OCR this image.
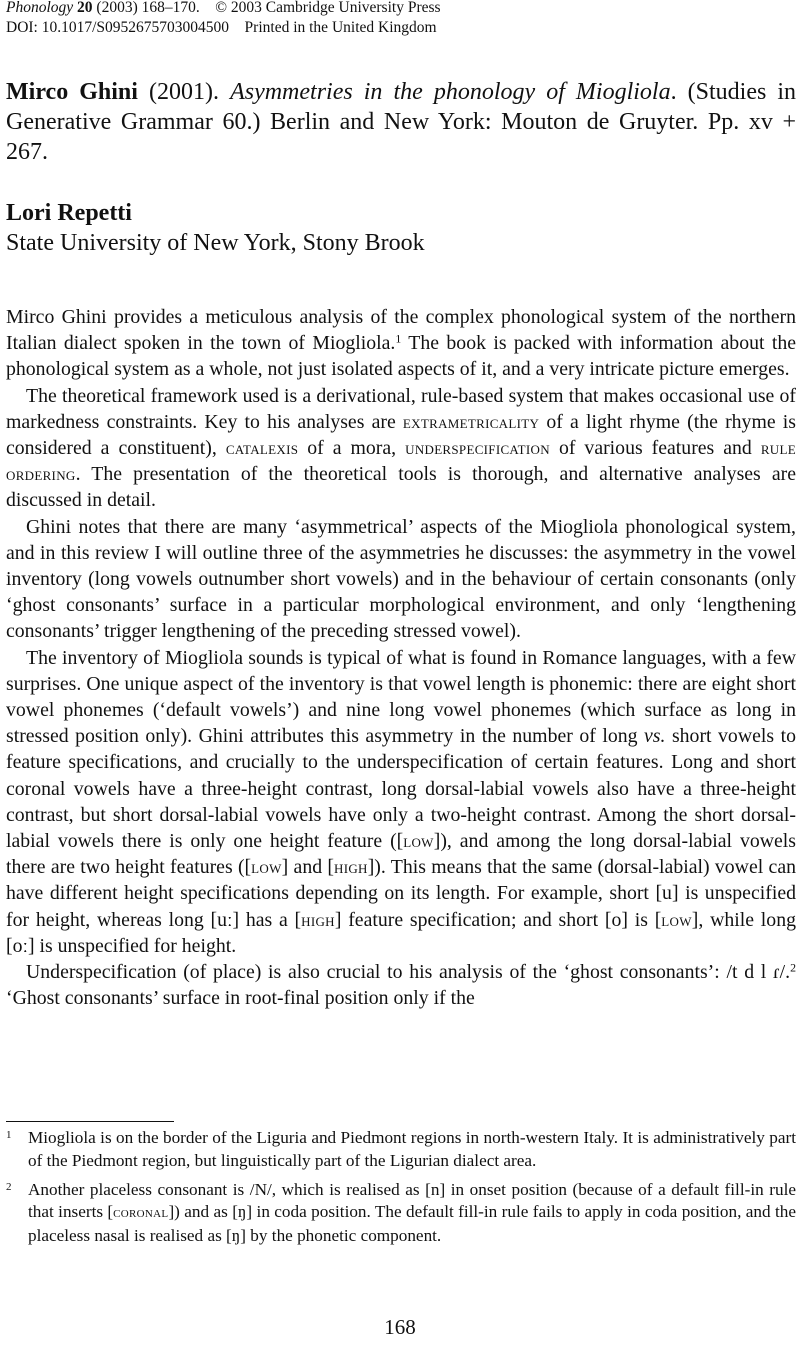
Phonology 20 (2003) 168–170. © 2003 Cambridge University Press
DOI: 10.1017/S0952675703004500 Printed in the United Kingdom
Mirco Ghini (2001). Asymmetries in the phonology of Miogliola. (Studies in Generative Grammar 60.) Berlin and New York: Mouton de Gruyter. Pp. xv + 267.
Lori Repetti
State University of New York, Stony Brook

Mirco Ghini provides a meticulous analysis of the complex phonological system of the northern Italian dialect spoken in the town of Miogliola.$^1$ The book is packed with information about the phonological system as a whole, not just isolated aspects of it, and a very intricate picture emerges.

The theoretical framework used is a derivational, rule-based system that makes occasional use of markedness constraints. Key to his analyses are extrametricality of a light rhyme (the rhyme is considered a constituent), catalexis of a mora, underspecification of various features and rule ordering. The presentation of the theoretical tools is thorough, and alternative analyses are discussed in detail.

Ghini notes that there are many ‘asymmetrical’ aspects of the Miogliola phonological system, and in this review I will outline three of the asymmetries he discusses: the asymmetry in the vowel inventory (long vowels outnumber short vowels) and in the behaviour of certain consonants (only ‘ghost consonants’ surface in a particular morphological environment, and only ‘lengthening consonants’ trigger lengthening of the preceding stressed vowel).

The inventory of Miogliola sounds is typical of what is found in Romance languages, with a few surprises. One unique aspect of the inventory is that vowel length is phonemic: there are eight short vowel phonemes (‘default vowels’) and nine long vowel phonemes (which surface as long in stressed position only). Ghini attributes this asymmetry in the number of long vs. short vowels to feature specifications, and crucially to the underspecification of certain features. Long and short coronal vowels have a three-height contrast, long dorsal-labial vowels also have a three-height contrast, but short dorsal-labial vowels have only a two-height contrast. Among the short dorsal-labial vowels there is only one height feature ([low]), and among the long dorsal-labial vowels there are two height features ([low] and [high]). This means that the same (dorsal-labial) vowel can have different height specifications depending on its length. For example, short [u] is unspecified for height, whereas long [uː] has a [high] feature specification; and short [o] is [low], while long [oː] is unspecified for height.

Underspecification (of place) is also crucial to his analysis of the ‘ghost consonants’: /t d l ɾ/.$^2$ ‘Ghost consonants’ surface in root-final position only if the

1 Miogliola is on the border of the Liguria and Piedmont regions in north-western Italy. It is administratively part of the Piedmont region, but linguistically part of the Ligurian dialect area.
2 Another placeless consonant is /N/, which is realised as [n] in onset position (because of a default fill-in rule that inserts [coronal]) and as [ŋ] in coda position. The default fill-in rule fails to apply in coda position, and the placeless nasal is realised as [ŋ] by the phonetic component.
168
